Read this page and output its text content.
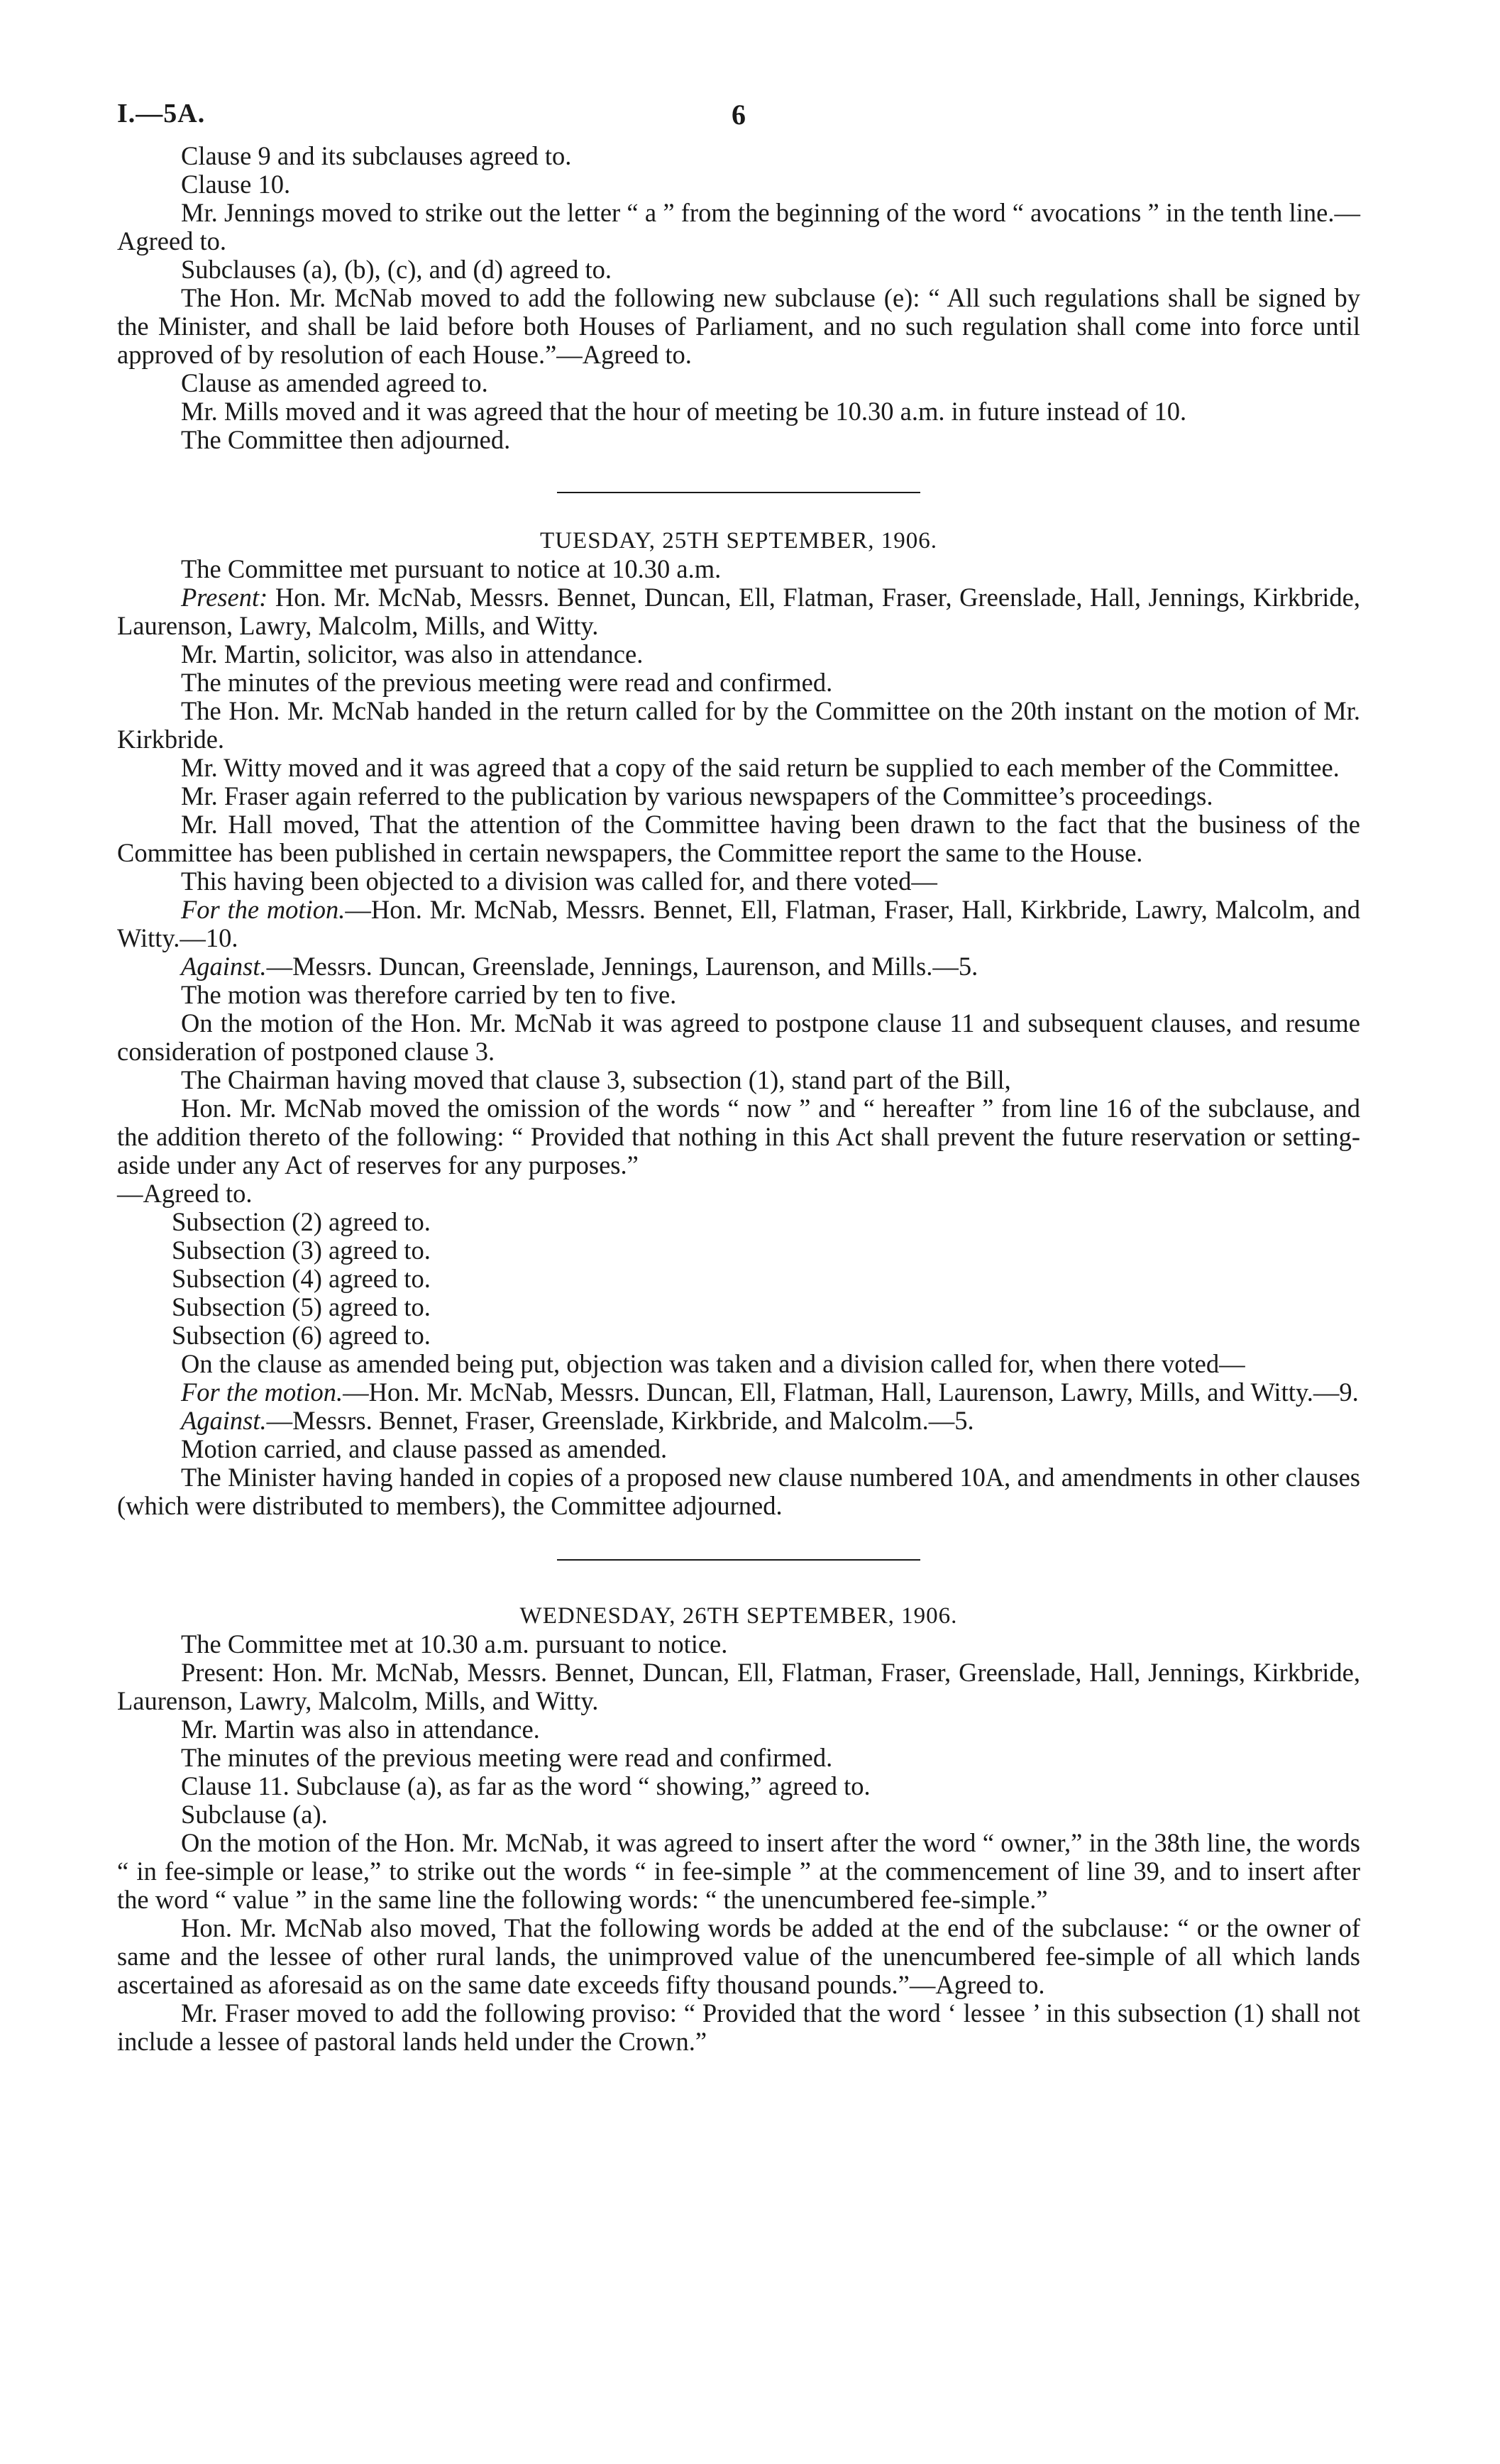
I.—5A.	6

Clause 9 and its subclauses agreed to.

Clause 10.

Mr. Jennings moved to strike out the letter “ a ” from the beginning of the word “ avocations ” in the tenth line.—Agreed to.

Subclauses (a), (b), (c), and (d) agreed to.

The Hon. Mr. McNab moved to add the following new subclause (e): “ All such regulations shall be signed by the Minister, and shall be laid before both Houses of Parliament, and no such regulation shall come into force until approved of by resolution of each House.”—Agreed to.

Clause as amended agreed to.

Mr. Mills moved and it was agreed that the hour of meeting be 10.30 a.m. in future instead of 10.

The Committee then adjourned.

TUESDAY, 25TH SEPTEMBER, 1906.

The Committee met pursuant to notice at 10.30 a.m.

Present: Hon. Mr. McNab, Messrs. Bennet, Duncan, Ell, Flatman, Fraser, Greenslade, Hall, Jennings, Kirkbride, Laurenson, Lawry, Malcolm, Mills, and Witty.

Mr. Martin, solicitor, was also in attendance.

The minutes of the previous meeting were read and confirmed.

The Hon. Mr. McNab handed in the return called for by the Committee on the 20th instant on the motion of Mr. Kirkbride.

Mr. Witty moved and it was agreed that a copy of the said return be supplied to each member of the Committee.

Mr. Fraser again referred to the publication by various newspapers of the Committee’s proceedings.

Mr. Hall moved, That the attention of the Committee having been drawn to the fact that the business of the Committee has been published in certain newspapers, the Committee report the same to the House.

This having been objected to a division was called for, and there voted—

For the motion.—Hon. Mr. McNab, Messrs. Bennet, Ell, Flatman, Fraser, Hall, Kirkbride, Lawry, Malcolm, and Witty.—10.

Against.—Messrs. Duncan, Greenslade, Jennings, Laurenson, and Mills.—5.

The motion was therefore carried by ten to five.

On the motion of the Hon. Mr. McNab it was agreed to postpone clause 11 and subsequent clauses, and resume consideration of postponed clause 3.

The Chairman having moved that clause 3, subsection (1), stand part of the Bill,

Hon. Mr. McNab moved the omission of the words “ now ” and “ hereafter ” from line 16 of the subclause, and the addition thereto of the following: “ Provided that nothing in this Act shall prevent the future reservation or setting-aside under any Act of reserves for any purposes.”

—Agreed to.

Subsection (2) agreed to.

Subsection (3) agreed to.

Subsection (4) agreed to.

Subsection (5) agreed to.

Subsection (6) agreed to.

On the clause as amended being put, objection was taken and a division called for, when there voted—

For the motion.—Hon. Mr. McNab, Messrs. Duncan, Ell, Flatman, Hall, Laurenson, Lawry, Mills, and Witty.—9.

Against.—Messrs. Bennet, Fraser, Greenslade, Kirkbride, and Malcolm.—5.

Motion carried, and clause passed as amended.

The Minister having handed in copies of a proposed new clause numbered 10A, and amendments in other clauses (which were distributed to members), the Committee adjourned.

WEDNESDAY, 26TH SEPTEMBER, 1906.

The Committee met at 10.30 a.m. pursuant to notice.

Present: Hon. Mr. McNab, Messrs. Bennet, Duncan, Ell, Flatman, Fraser, Greenslade, Hall, Jennings, Kirkbride, Laurenson, Lawry, Malcolm, Mills, and Witty.

Mr. Martin was also in attendance.

The minutes of the previous meeting were read and confirmed.

Clause 11. Subclause (a), as far as the word “ showing,” agreed to.

Subclause (a).

On the motion of the Hon. Mr. McNab, it was agreed to insert after the word “ owner,” in the 38th line, the words “ in fee-simple or lease,” to strike out the words “ in fee-simple ” at the commencement of line 39, and to insert after the word “ value ” in the same line the following words: “ the unencumbered fee-simple.”

Hon. Mr. McNab also moved, That the following words be added at the end of the subclause: “ or the owner of same and the lessee of other rural lands, the unimproved value of the unencumbered fee-simple of all which lands ascertained as aforesaid as on the same date exceeds fifty thousand pounds.”—Agreed to.

Mr. Fraser moved to add the following proviso: “ Provided that the word ‘ lessee ’ in this subsection (1) shall not include a lessee of pastoral lands held under the Crown.”
